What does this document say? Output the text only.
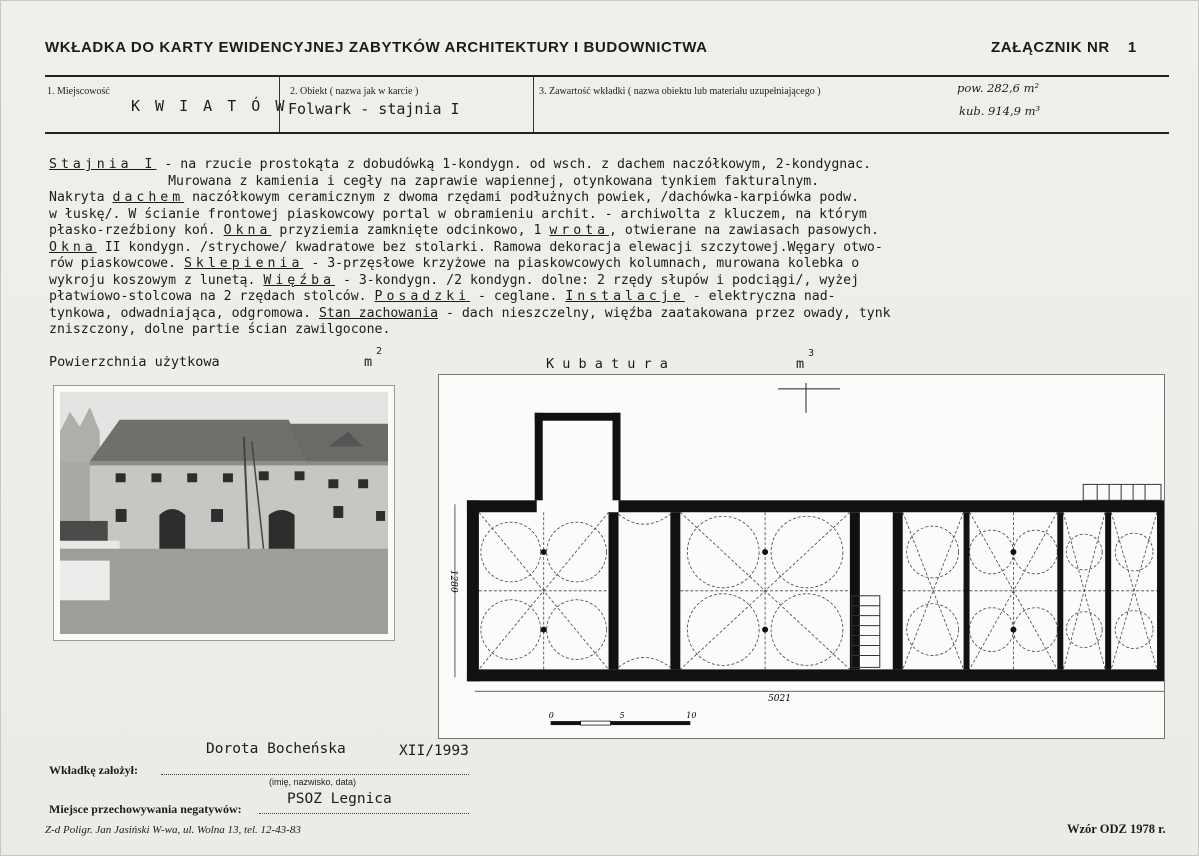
WKŁADKA DO KARTY EWIDENCYJNEJ ZABYTKÓW ARCHITEKTURY I BUDOWNICTWA	ZAŁĄCZNIK NR 1
1. Miejscowość
K W I A T Ó W
2. Obiekt ( nazwa jak w karcie )
Folwark - stajnia I
3. Zawartość wkładki ( nazwa obiektu lub materiału uzupełniającego )	pow. 282,6 m²
kub. 914,9 m³
Stajnia I - na rzucie prostokąta z dobudówką 1-kondygn. od wsch. z dachem naczółkowym, 2-kondygnac.
Murowana z kamienia i cegły na zaprawie wapiennej, otynkowana tynkiem fakturalnym.
Nakryta dachem naczółkowym ceramicznym z dwoma rzędami podłużnych powiek, /dachówka-karpiówka podw.
w łuskę/. W ścianie frontowej piaskowcowy portal w obramieniu archit. - archiwolta z kluczem, na którym
płasko-rzeźbiony koń. Okna przyziemia zamknięte odcinkowo, 1 wrota, otwierane na zawiasach pasowych.
Okna II kondygn. /strychowe/ kwadratowe bez stolarki. Ramowa dekoracja elewacji szczytowej.Węgary otwo-
rów piaskowcowe. Sklepienia - 3-przęsłowe krzyżowe na piaskowcowych kolumnach, murowana kolebka o
wykroju koszowym z lunetą. Więźba - 3-kondygn. /2 kondygn. dolne: 2 rzędy słupów i podciągi/, wyżej
płatwiowo-stolcowa na 2 rzędach stolców. Posadzki - ceglane. Instalacje - elektryczna nad-
tynkowa, odwadniająca, odgromowa. Stan zachowania - dach nieszczelny, więźba zaatakowana przez owady, tynk
zniszczony, dolne partie ścian zawilgocone.
Powierzchnia użytkowa	m
2
K u b a t u r a	m
3
1280
5021
0	5	10
Dorota Bocheńska	XII/1993
Wkładkę założył:
(imię, nazwisko, data)
PSOZ Legnica
Miejsce przechowywania negatywów:
Z-d Poligr. Jan Jasiński W-wa, ul. Wolna 13, tel. 12-43-83	Wzór ODZ 1978 r.
